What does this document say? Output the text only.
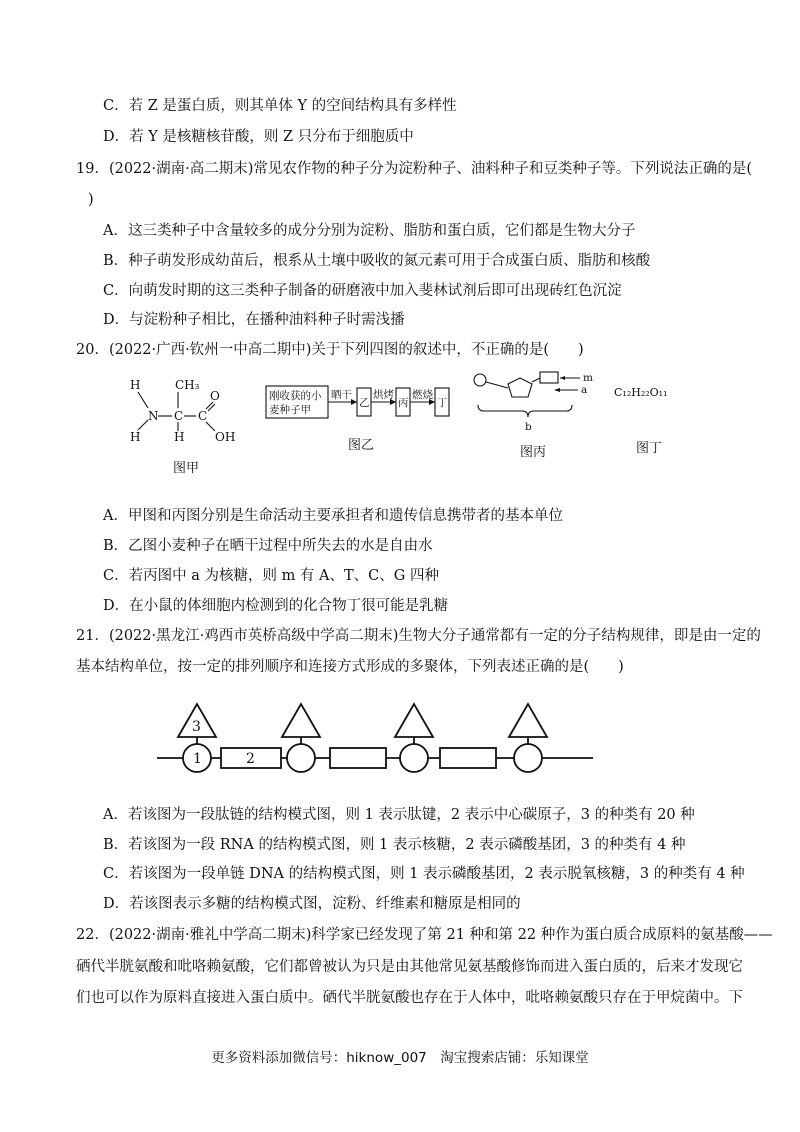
C．若 Z 是蛋白质，则其单体 Y 的空间结构具有多样性
D．若 Y 是核糖核苷酸，则 Z 只分布于细胞质中
19．(2022·湖南·高二期末)常见农作物的种子分为淀粉种子、油料种子和豆类种子等。下列说法正确的是(
)
A．这三类种子中含量较多的成分分别为淀粉、脂肪和蛋白质，它们都是生物大分子
B．种子萌发形成幼苗后，根系从土壤中吸收的氮元素可用于合成蛋白质、脂肪和核酸
C．向萌发时期的这三类种子制备的研磨液中加入斐林试剂后即可出现砖红色沉淀
D．与淀粉种子相比，在播种油料种子时需浅播
20．(2022·广西·钦州一中高二期中)关于下列四图的叙述中，不正确的是(　　)
H	CH₃
O
N C C
H	H	OH
图甲
刚收获的小
麦种子甲
晒干
乙
烘烤
丙
燃烧
丁
图乙
m
a
b
图丙
C₁₂H₂₂O₁₁
图丁
A．甲图和丙图分别是生命活动主要承担者和遗传信息携带者的基本单位
B．乙图小麦种子在晒干过程中所失去的水是自由水
C．若丙图中 a 为核糖，则 m 有 A、T、C、G 四种
D．在小鼠的体细胞内检测到的化合物丁很可能是乳糖
21．(2022·黑龙江·鸡西市英桥高级中学高二期末)生物大分子通常都有一定的分子结构规律，即是由一定的
基本结构单位，按一定的排列顺序和连接方式形成的多聚体，下列表述正确的是(　　)
3
1	2
A．若该图为一段肽链的结构模式图，则 1 表示肽键，2 表示中心碳原子，3 的种类有 20 种
B．若该图为一段 RNA 的结构模式图，则 1 表示核糖，2 表示磷酸基团，3 的种类有 4 种
C．若该图为一段单链 DNA 的结构模式图，则 1 表示磷酸基团，2 表示脱氧核糖，3 的种类有 4 种
D．若该图表示多糖的结构模式图，淀粉、纤维素和糖原是相同的
22．(2022·湖南·雅礼中学高二期末)科学家已经发现了第 21 种和第 22 种作为蛋白质合成原料的氨基酸——
硒代半胱氨酸和吡咯赖氨酸，它们都曾被认为只是由其他常见氨基酸修饰而进入蛋白质的，后来才发现它
们也可以作为原料直接进入蛋白质中。硒代半胱氨酸也存在于人体中，吡咯赖氨酸只存在于甲烷菌中。下
更多资料添加微信号：hiknow_007　淘宝搜索店铺：乐知课堂
